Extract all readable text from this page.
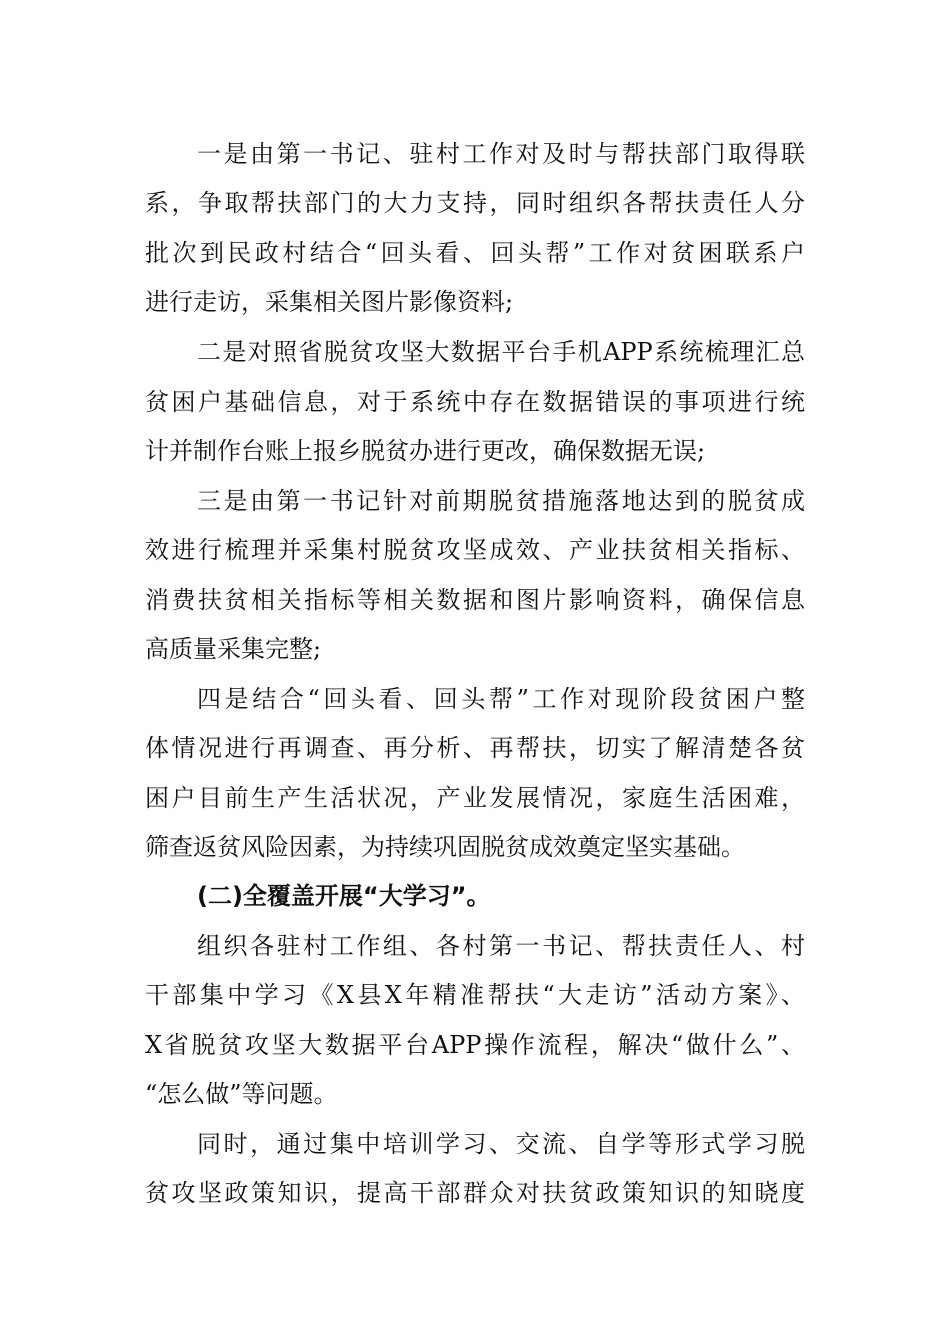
一是由第一书记、驻村工作对及时与帮扶部门取得联
系，争取帮扶部门的大力支持，同时组织各帮扶责任人分
批次到民政村结合“回头看、回头帮”工作对贫困联系户
进行走访，采集相关图片影像资料;
二是对照省脱贫攻坚大数据平台手机APP系统梳理汇总
贫困户基础信息，对于系统中存在数据错误的事项进行统
计并制作台账上报乡脱贫办进行更改，确保数据无误;
三是由第一书记针对前期脱贫措施落地达到的脱贫成
效进行梳理并采集村脱贫攻坚成效、产业扶贫相关指标、
消费扶贫相关指标等相关数据和图片影响资料，确保信息
高质量采集完整;
四是结合“回头看、回头帮”工作对现阶段贫困户整
体情况进行再调查、再分析、再帮扶，切实了解清楚各贫
困户目前生产生活状况，产业发展情况，家庭生活困难，
筛查返贫风险因素，为持续巩固脱贫成效奠定坚实基础。
(二)全覆盖开展“大学习”。
组织各驻村工作组、各村第一书记、帮扶责任人、村
干部集中学习《X县X年精准帮扶“大走访”活动方案》、
X省脱贫攻坚大数据平台APP操作流程，解决“做什么”、
“怎么做”等问题。
同时，通过集中培训学习、交流、自学等形式学习脱
贫攻坚政策知识，提高干部群众对扶贫政策知识的知晓度
